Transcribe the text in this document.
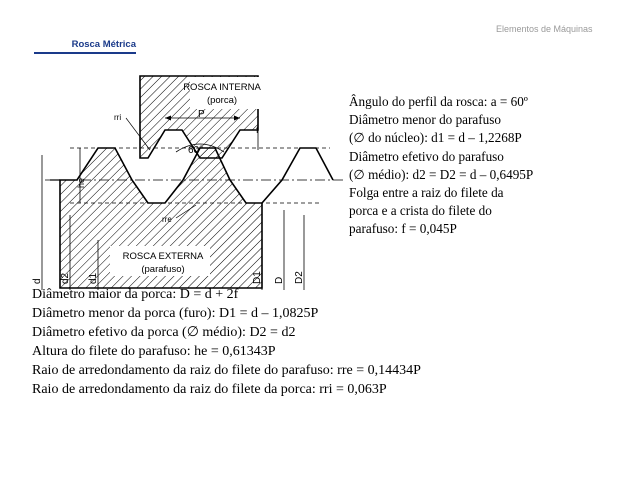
Elementos de Máquinas
Rosca Métrica
ROSCA INTERNA
(porca)
ROSCA EXTERNA
(parafuso)
P
60°
f
he
rri
rre
d d2 d1	D1 D D2
Ângulo do perfil da rosca: a = 60º
Diâmetro menor do parafuso
(∅ do núcleo): d1 = d – 1,2268P
Diâmetro efetivo do parafuso
(∅ médio): d2 = D2 = d – 0,6495P
Folga entre a raiz do filete da
porca e a crista do filete do
parafuso: f = 0,045P
Diâmetro maior da porca: D = d + 2f
Diâmetro menor da porca (furo): D1 = d – 1,0825P
Diâmetro efetivo da porca (∅ médio): D2 = d2
Altura do filete do parafuso: he = 0,61343P
Raio de arredondamento da raiz do filete do parafuso: rre = 0,14434P
Raio de arredondamento da raiz do filete da porca: rri = 0,063P
